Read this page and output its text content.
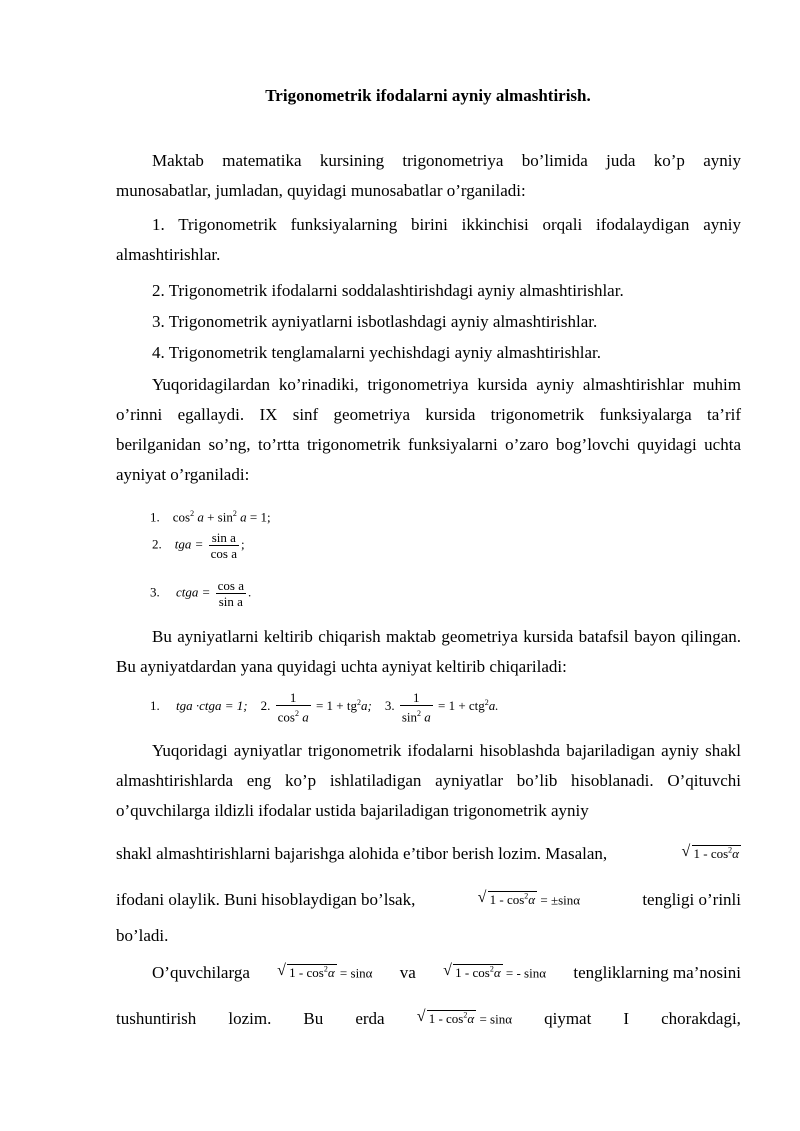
Trigonometrik ifodalarni ayniy almashtirish.
Maktab matematika kursining trigonometriya bo’limida juda ko’p ayniy munosabatlar, jumladan, quyidagi munosabatlar o’rganiladi:
1. Trigonometrik funksiyalarning birini ikkinchisi orqali ifodalaydigan ayniy almashtirishlar.
2. Trigonometrik ifodalarni soddalashtirishdagi ayniy almashtirishlar.
3. Trigonometrik ayniyatlarni isbotlashdagi ayniy almashtirishlar.
4. Trigonometrik tenglamalarni yechishdagi ayniy almashtirishlar.
Yuqoridagilardan ko’rinadiki, trigonometriya kursida ayniy almashtirishlar muhim o’rinni egallaydi. IX sinf geometriya kursida trigonometrik funksiyalarga ta’rif berilganidan so’ng, to’rtta trigonometrik funksiyalarni o’zaro bog’lovchi quyidagi uchta ayniyat o’rganiladi:
1. $\cos^2 a + \sin^2 a = 1$;
2. tga = $\frac{\text{sin a}}{\text{cos a}}$ ;
3. ctga = $\frac{\text{cos a}}{\text{sin a}}$ .
Bu ayniyatlarni keltirib chiqarish maktab geometriya kursida batafsil bayon qilingan. Bu ayniyatdardan yana quyidagi uchta ayniyat keltirib chiqariladi:
1. tga ·ctga = 1; 2. $\frac{1}{\cos^2 a} = 1 + tg^2a$; 3. $\frac{1}{\sin^2 a} = 1 + ctg^2a$.
Yuqoridagi ayniyatlar trigonometrik ifodalarni hisoblashda bajariladigan ayniy shakl almashtirishlarda eng ko’p ishlatiladigan ayniyatlar bo’lib hisoblanadi. O’qituvchi o’quvchilarga ildizli ifodalar ustida bajariladigan trigonometrik ayniy
shakl almashtirishlarni bajarishga alohida e’tibor berish lozim. Masalan,	√ $1 - \cos^2\alpha$
ifodani olaylik. Buni hisoblaydigan bo’lsak,	√ $1 - \cos^2\alpha = \pm\sin\alpha$	tengligi o’rinli
bo’ladi.
O’quvchilarga	√ $1 - \cos^2\alpha = \sin\alpha$ va	√ $1 - \cos^2\alpha$ = - sinα tengliklarning ma’nosini
tushuntirish lozim. Bu erda	√ $1 - \cos^2\alpha = \sin\alpha$ qiymat I chorakdagi,
